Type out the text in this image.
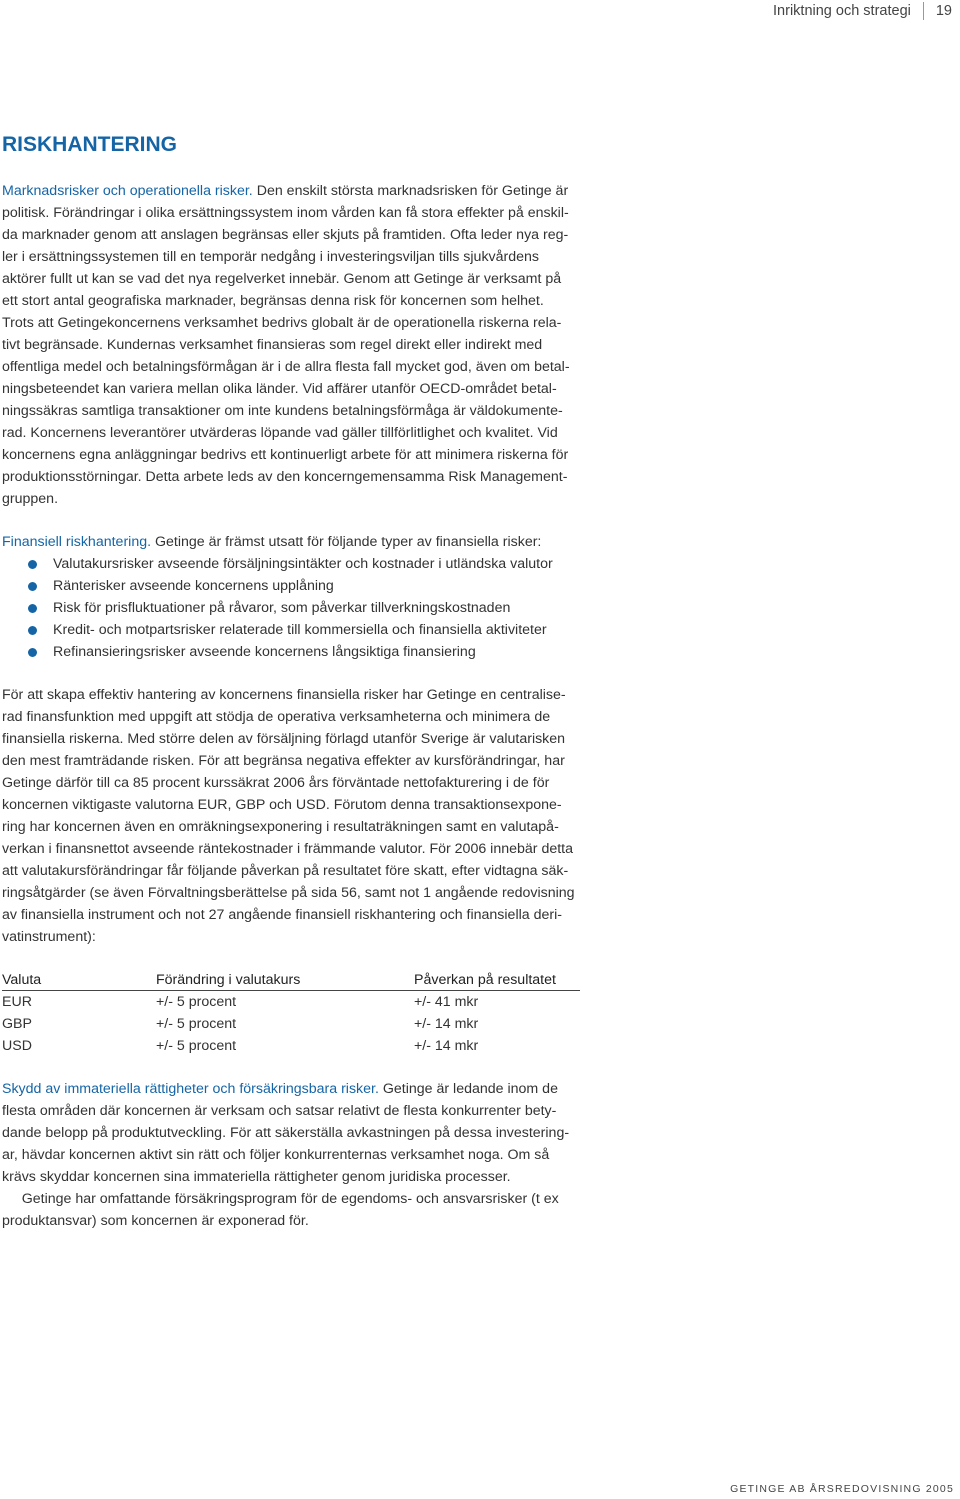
Inriktning och strategi 19
RISKHANTERING
Marknadsrisker och operationella risker. Den enskilt största marknadsrisken för Getinge är
politisk. Förändringar i olika ersättningssystem inom vården kan få stora effekter på enskil-
da marknader genom att anslagen begränsas eller skjuts på framtiden. Ofta leder nya reg-
ler i ersättningssystemen till en temporär nedgång i investeringsviljan tills sjukvårdens
aktörer fullt ut kan se vad det nya regelverket innebär. Genom att Getinge är verksamt på
ett stort antal geografiska marknader, begränsas denna risk för koncernen som helhet.
Trots att Getingekoncernens verksamhet bedrivs globalt är de operationella riskerna rela-
tivt begränsade. Kundernas verksamhet finansieras som regel direkt eller indirekt med
offentliga medel och betalningsförmågan är i de allra flesta fall mycket god, även om betal-
ningsbeteendet kan variera mellan olika länder. Vid affärer utanför OECD-området betal-
ningssäkras samtliga transaktioner om inte kundens betalningsförmåga är väldokumente-
rad. Koncernens leverantörer utvärderas löpande vad gäller tillförlitlighet och kvalitet. Vid
koncernens egna anläggningar bedrivs ett kontinuerligt arbete för att minimera riskerna för
produktionsstörningar. Detta arbete leds av den koncerngemensamma Risk Management-
gruppen.
Finansiell riskhantering. Getinge är främst utsatt för följande typer av finansiella risker:
Valutakursrisker avseende försäljningsintäkter och kostnader i utländska valutor
Ränterisker avseende koncernens upplåning
Risk för prisfluktuationer på råvaror, som påverkar tillverkningskostnaden
Kredit- och motpartsrisker relaterade till kommersiella och finansiella aktiviteter
Refinansieringsrisker avseende koncernens långsiktiga finansiering
För att skapa effektiv hantering av koncernens finansiella risker har Getinge en centralise-
rad finansfunktion med uppgift att stödja de operativa verksamheterna och minimera de
finansiella riskerna. Med större delen av försäljning förlagd utanför Sverige är valutarisken
den mest framträdande risken. För att begränsa negativa effekter av kursförändringar, har
Getinge därför till ca 85 procent kurssäkrat 2006 års förväntade nettofakturering i de för
koncernen viktigaste valutorna EUR, GBP och USD. Förutom denna transaktionsexpone-
ring har koncernen även en omräkningsexponering i resultaträkningen samt en valutapå-
verkan i finansnettot avseende räntekostnader i främmande valutor. För 2006 innebär detta
att valutakursförändringar får följande påverkan på resultatet före skatt, efter vidtagna säk-
ringsåtgärder (se även Förvaltningsberättelse på sida 56, samt not 1 angående redovisning
av finansiella instrument och not 27 angående finansiell riskhantering och finansiella deri-
vatinstrument):
Valuta	Förändring i valutakurs	Påverkan på resultatet
EUR	+/- 5 procent	+/- 41 mkr
GBP	+/- 5 procent	+/- 14 mkr
USD	+/- 5 procent	+/- 14 mkr
Skydd av immateriella rättigheter och försäkringsbara risker. Getinge är ledande inom de
flesta områden där koncernen är verksam och satsar relativt de flesta konkurrenter bety-
dande belopp på produktutveckling. För att säkerställa avkastningen på dessa investering-
ar, hävdar koncernen aktivt sin rätt och följer konkurrenternas verksamhet noga. Om så
krävs skyddar koncernen sina immateriella rättigheter genom juridiska processer.
Getinge har omfattande försäkringsprogram för de egendoms- och ansvarsrisker (t ex
produktansvar) som koncernen är exponerad för.
GETINGE AB ÅRSREDOVISNING 2005
